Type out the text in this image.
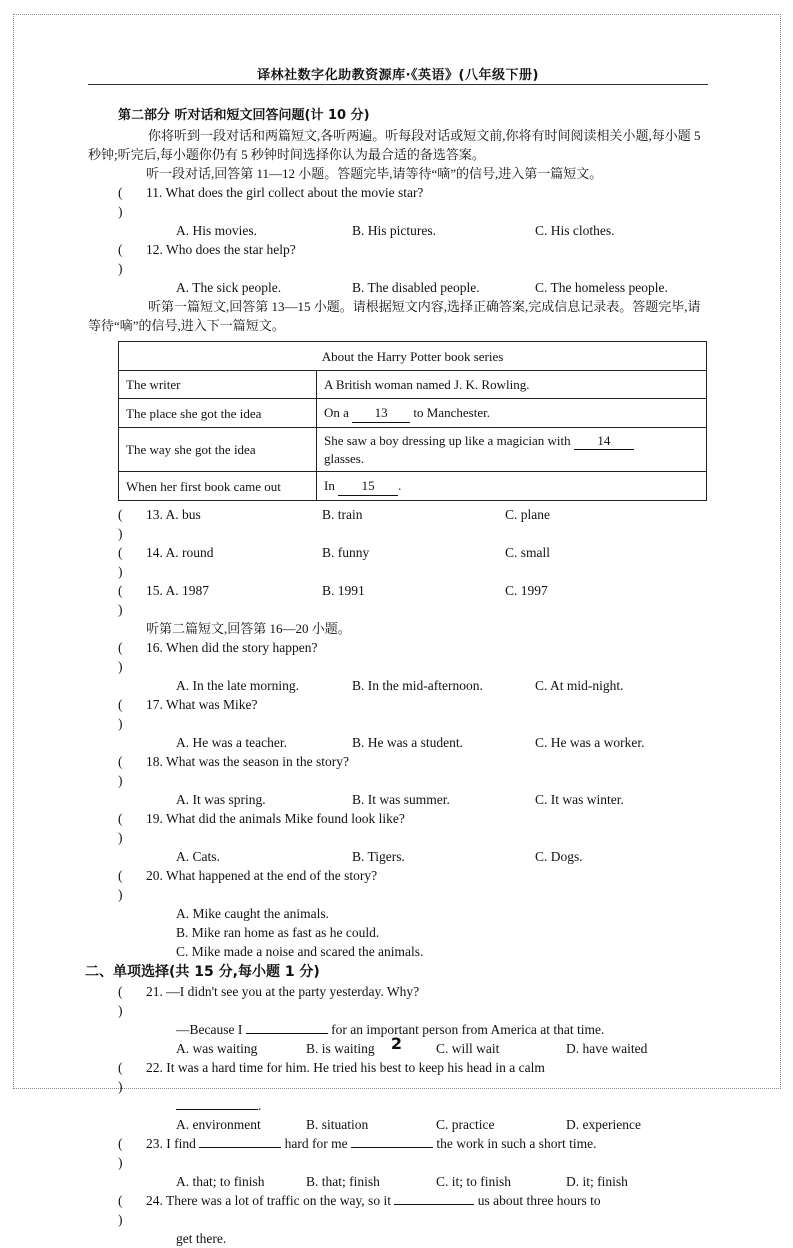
译林社数字化助教资源库·《英语》(八年级下册)
第二部分 听对话和短文回答问题(计 10 分)

你将听到一段对话和两篇短文,各听两遍。听每段对话或短文前,你将有时间阅读相关小题,每小题 5 秒钟;听完后,每小题你仍有 5 秒钟时间选择你认为最合适的备选答案。

听一段对话,回答第 11—12 小题。答题完毕,请等待“嘀”的信号,进入第一篇短文。
()
11. What does the girl collect about the movie star?
A. His movies.	B. His pictures.	C. His clothes.
()
12. Who does the star help?
A. The sick people.	B. The disabled people.	C. The homeless people.

听第一篇短文,回答第 13—15 小题。请根据短文内容,选择正确答案,完成信息记录表。答题完毕,请等待“嘀”的信号,进入下一篇短文。

About the Harry Potter book series	
The writer	A British woman named J. K. Rowling.
The place she got the idea	On a 13 to Manchester.
The way she got the idea	She saw a boy dressing up like a magician with 14
glasses.
When her first book came out	In 15 .
()
13. A. bus	B. train	C. plane
()
14. A. round	B. funny	C. small
()
15. A. 1987	B. 1991	C. 1997
听第二篇短文,回答第 16—20 小题。
()
16. When did the story happen?
A. In the late morning.	B. In the mid-afternoon.	C. At mid-night.
()
17. What was Mike?
A. He was a teacher.	B. He was a student.	C. He was a worker.
()
18. What was the season in the story?
A. It was spring.	B. It was summer.	C. It was winter.
()
19. What did the animals Mike found look like?
A. Cats.	B. Tigers.	C. Dogs.
()
20. What happened at the end of the story?
A. Mike caught the animals.
B. Mike ran home as fast as he could.
C. Mike made a noise and scared the animals.
二、单项选择(共 15 分,每小题 1 分)
()
21. —I didn't see you at the party yesterday. Why?
—Because I	for an important person from America at that time.
A. was waiting	B. is waiting	C. will wait	D. have waited
()
22. It was a hard time for him. He tried his best to keep his head in a calm
.
A. environment	B. situation	C. practice	D. experience
()
23. I find	hard for me	the work in such a short time.
A. that; to finish	B. that; finish	C. it; to finish	D. it; finish
()
24. There was a lot of traffic on the way, so it	us about three hours to
get there.
2
